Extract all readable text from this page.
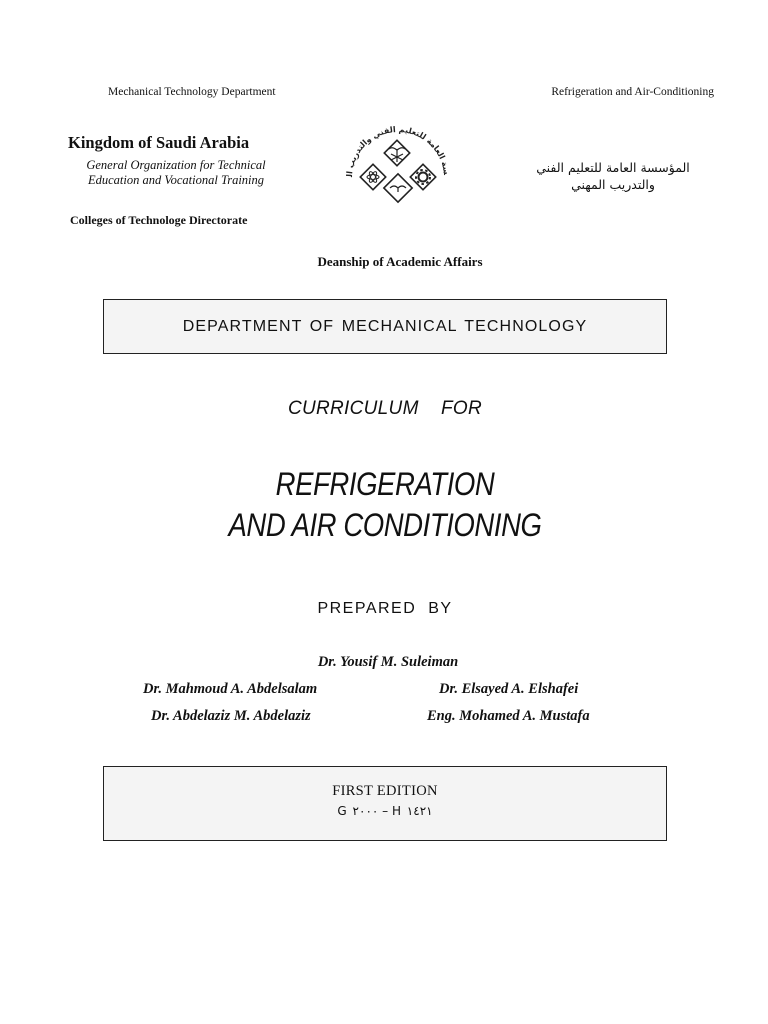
Mechanical Technology Department	Refrigeration and Air-Conditioning
Kingdom of Saudi Arabia
General Organization for Technical
Education and Vocational Training
Colleges of Technologe Directorate
سة العامة للتعليم الفني والتدريب ال
المؤسسة العامة للتعليم الفني
والتدريب المهني
Deanship of Academic Affairs
DEPARTMENT OF MECHANICAL TECHNOLOGY
CURRICULUM    FOR
REFRIGERATION
AND AIR CONDITIONING
PREPARED BY
Dr. Yousif M. Suleiman
Dr. Mahmoud A. Abdelsalam	Dr. Elsayed A. Elshafei
Dr. Abdelaziz M. Abdelaziz	Eng. Mohamed A. Mustafa
FIRST EDITION
G ٢٠٠٠ – H ١٤٢١
